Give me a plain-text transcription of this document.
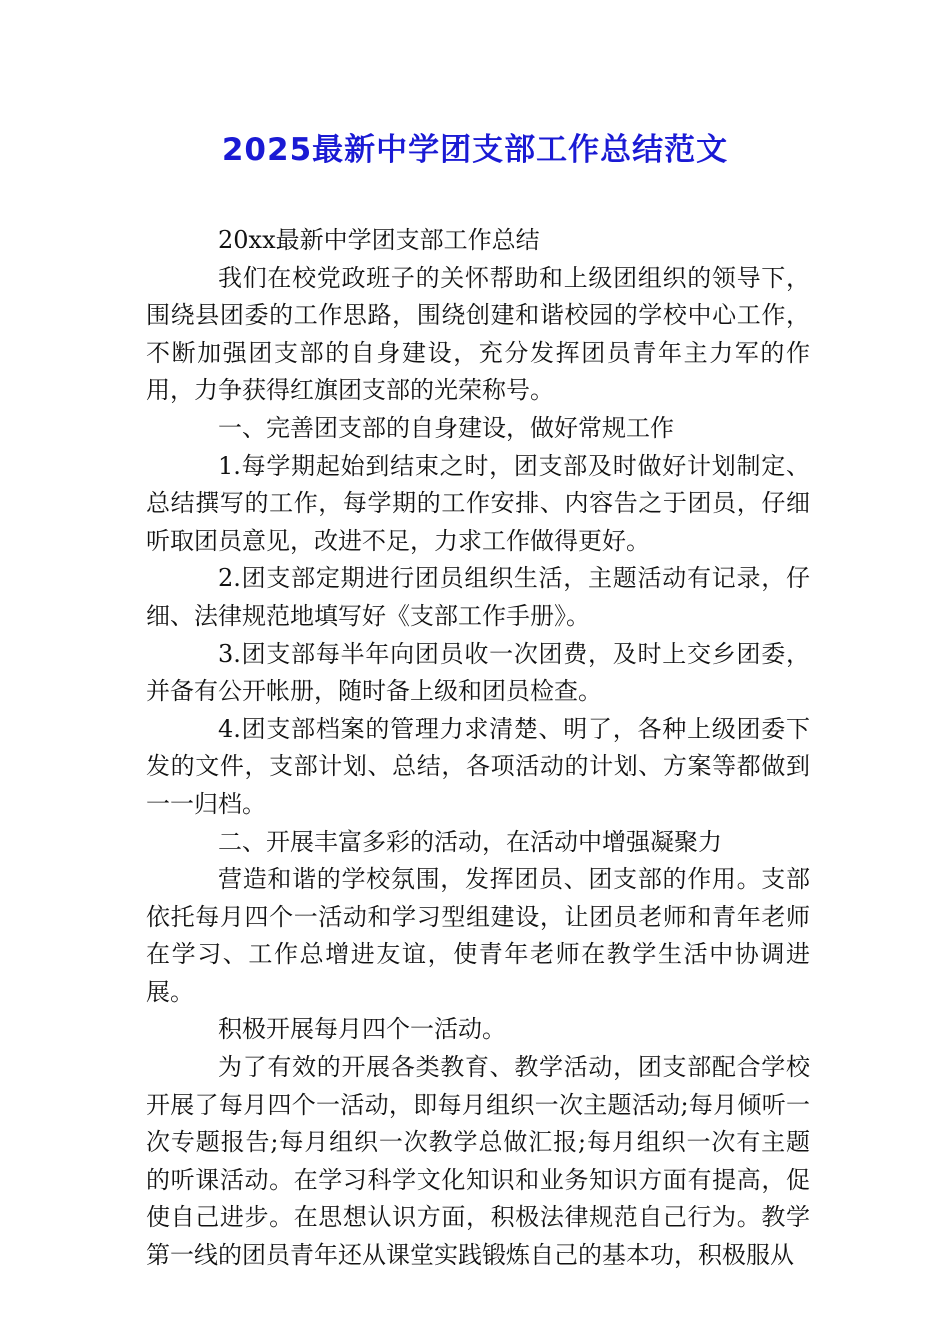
2025最新中学团支部工作总结范文

20xx最新中学团支部工作总结

我们在校党政班子的关怀帮助和上级团组织的领导下，围绕县团委的工作思路，围绕创建和谐校园的学校中心工作，不断加强团支部的自身建设，充分发挥团员青年主力军的作用，力争获得红旗团支部的光荣称号。

一、完善团支部的自身建设，做好常规工作

1.每学期起始到结束之时，团支部及时做好计划制定、总结撰写的工作，每学期的工作安排、内容告之于团员，仔细听取团员意见，改进不足，力求工作做得更好。

2.团支部定期进行团员组织生活，主题活动有记录，仔细、法律规范地填写好《支部工作手册》。

3.团支部每半年向团员收一次团费，及时上交乡团委，并备有公开帐册，随时备上级和团员检查。

4.团支部档案的管理力求清楚、明了，各种上级团委下发的文件，支部计划、总结，各项活动的计划、方案等都做到一一归档。

二、开展丰富多彩的活动，在活动中增强凝聚力

营造和谐的学校氛围，发挥团员、团支部的作用。支部依托每月四个一活动和学习型组建设，让团员老师和青年老师在学习、工作总增进友谊，使青年老师在教学生活中协调进展。

积极开展每月四个一活动。

为了有效的开展各类教育、教学活动，团支部配合学校开展了每月四个一活动，即每月组织一次主题活动;每月倾听一次专题报告;每月组织一次教学总做汇报;每月组织一次有主题的听课活动。在学习科学文化知识和业务知识方面有提高，促使自己进步。在思想认识方面，积极法律规范自己行为。教学第一线的团员青年还从课堂实践锻炼自己的基本功，积极服从
